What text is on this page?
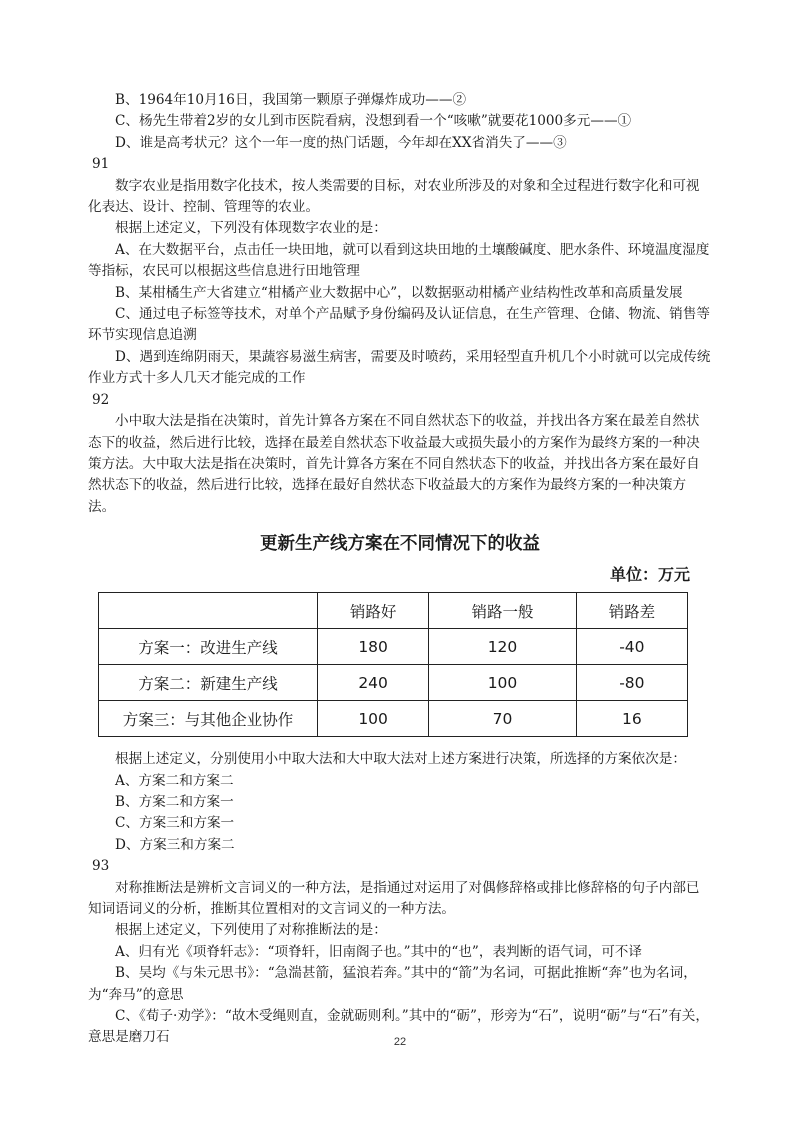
B、1964年10月16日，我国第一颗原子弹爆炸成功——②

C、杨先生带着2岁的女儿到市医院看病，没想到看一个“咳嗽”就要花1000多元——①

D、谁是高考状元？这个一年一度的热门话题，今年却在XX省消失了——③

91

数字农业是指用数字化技术，按人类需要的目标，对农业所涉及的对象和全过程进行数字化和可视化表达、设计、控制、管理等的农业。

根据上述定义，下列没有体现数字农业的是：

A、在大数据平台，点击任一块田地，就可以看到这块田地的土壤酸碱度、肥水条件、环境温度湿度等指标，农民可以根据这些信息进行田地管理

B、某柑橘生产大省建立“柑橘产业大数据中心”，以数据驱动柑橘产业结构性改革和高质量发展

C、通过电子标签等技术，对单个产品赋予身份编码及认证信息，在生产管理、仓储、物流、销售等环节实现信息追溯

D、遇到连绵阴雨天，果蔬容易滋生病害，需要及时喷药，采用轻型直升机几个小时就可以完成传统作业方式十多人几天才能完成的工作

92

小中取大法是指在决策时，首先计算各方案在不同自然状态下的收益，并找出各方案在最差自然状态下的收益，然后进行比较，选择在最差自然状态下收益最大或损失最小的方案作为最终方案的一种决策方法。大中取大法是指在决策时，首先计算各方案在不同自然状态下的收益，并找出各方案在最好自然状态下的收益，然后进行比较，选择在最好自然状态下收益最大的方案作为最终方案的一种决策方法。

更新生产线方案在不同情况下的收益
单位：万元
	销路好	销路一般	销路差
方案一：改进生产线	180	120	-40
方案二：新建生产线	240	100	-80
方案三：与其他企业协作	100	70	16

根据上述定义，分别使用小中取大法和大中取大法对上述方案进行决策，所选择的方案依次是：

A、方案二和方案二

B、方案二和方案一

C、方案三和方案一

D、方案三和方案二

93

对称推断法是辨析文言词义的一种方法，是指通过对运用了对偶修辞格或排比修辞格的句子内部已知词语词义的分析，推断其位置相对的文言词义的一种方法。

根据上述定义，下列使用了对称推断法的是：

A、归有光《项脊轩志》：“项脊轩，旧南阁子也。”其中的“也”，表判断的语气词，可不译

B、吴均《与朱元思书》：“急湍甚箭，猛浪若奔。”其中的“箭”为名词，可据此推断“奔”也为名词，为“奔马”的意思

C、《荀子·劝学》：“故木受绳则直，金就砺则利。”其中的“砺”，形旁为“石”，说明“砺”与“石”有关，意思是磨刀石	22
